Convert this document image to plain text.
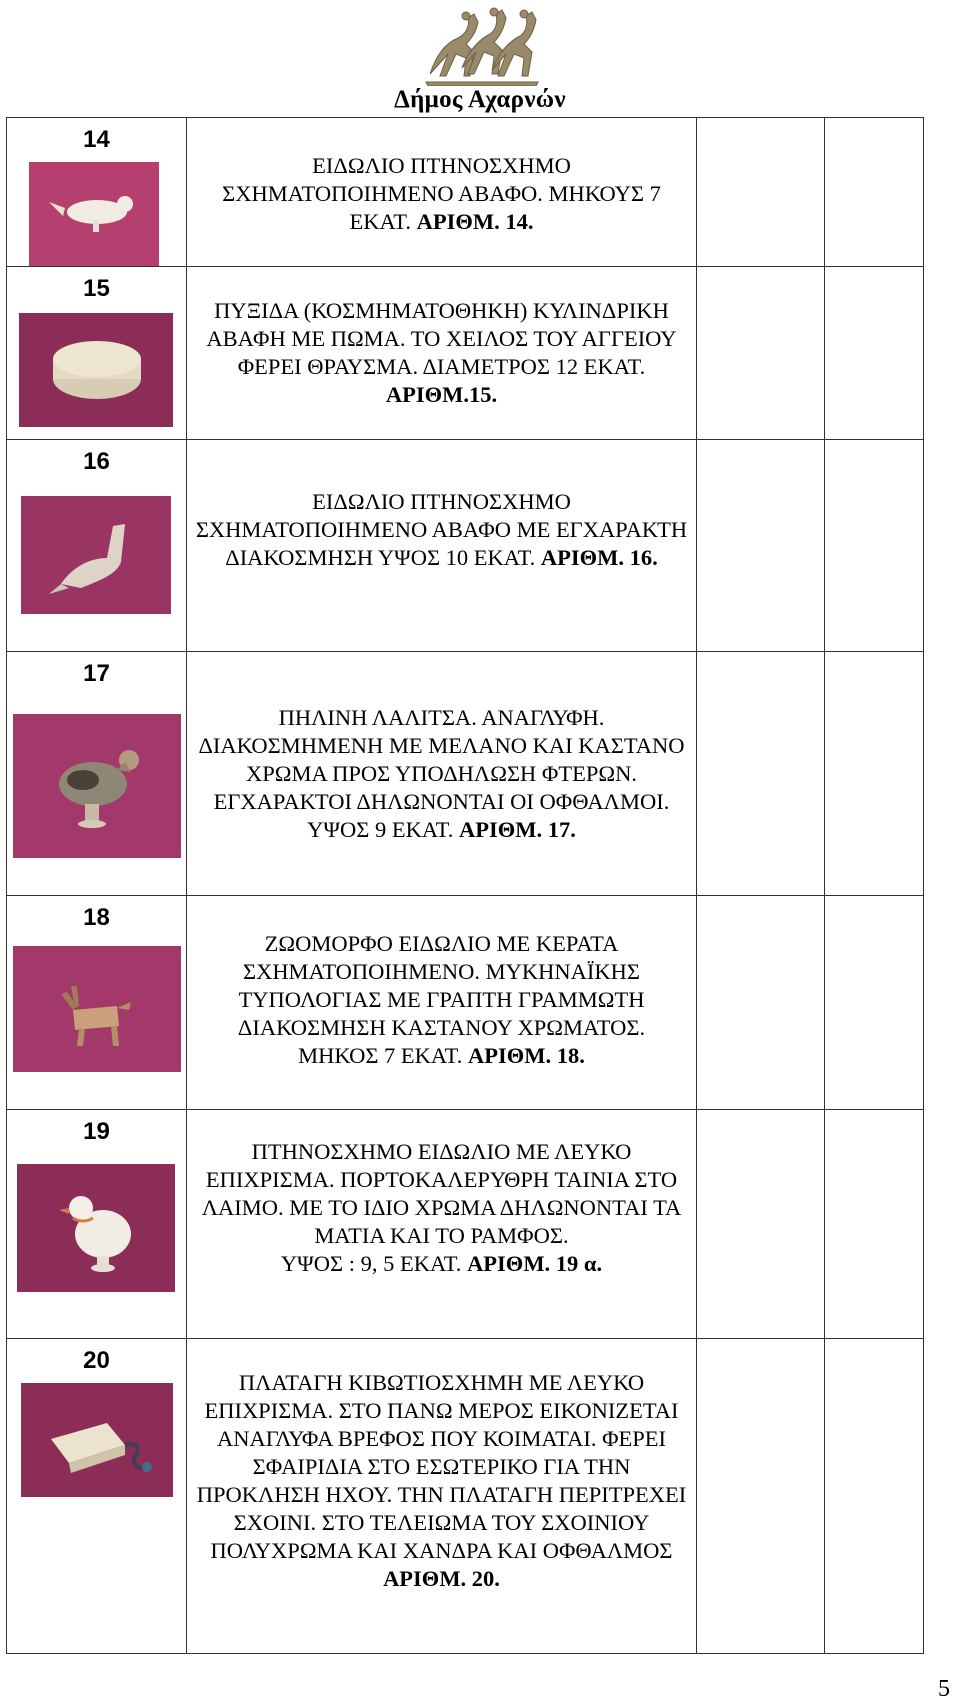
Δήμος Αχαρνών
14	ΕΙΔΩΛΙΟ ΠΤΗΝΟΣΧΗΜΟ ΣΧΗΜΑΤΟΠΟΙΗΜΕΝΟ ΑΒΑΦΟ. ΜΗΚΟΥΣ 7 ΕΚΑΤ. ΑΡΙΘΜ. 14.		

15	ΠΥΞΙΔΑ (ΚΟΣΜΗΜΑΤΟΘΗΚΗ) ΚΥΛΙΝΔΡΙΚΗ ΑΒΑΦΗ ΜΕ ΠΩΜΑ. ΤΟ ΧΕΙΛΟΣ ΤΟΥ ΑΓΓΕΙΟΥ ΦΕΡΕΙ ΘΡΑΥΣΜΑ. ΔΙΑΜΕΤΡΟΣ 12 ΕΚΑΤ. ΑΡΙΘΜ.15.		

16	ΕΙΔΩΛΙΟ ΠΤΗΝΟΣΧΗΜΟ ΣΧΗΜΑΤΟΠΟΙΗΜΕΝΟ ΑΒΑΦΟ ΜΕ ΕΓΧΑΡΑΚΤΗ ΔΙΑΚΟΣΜΗΣΗ ΥΨΟΣ 10 ΕΚΑΤ. ΑΡΙΘΜ. 16.		

17	ΠΗΛΙΝΗ ΛΑΛΙΤΣΑ. ΑΝΑΓΛΥΦΗ. ΔΙΑΚΟΣΜΗΜΕΝΗ ΜΕ ΜΕΛΑΝΟ ΚΑΙ ΚΑΣΤΑΝΟ ΧΡΩΜΑ ΠΡΟΣ ΥΠΟΔΗΛΩΣΗ ΦΤΕΡΩΝ. ΕΓΧΑΡΑΚΤΟΙ ΔΗΛΩΝΟΝΤΑΙ ΟΙ ΟΦΘΑΛΜΟΙ. ΥΨΟΣ 9 ΕΚΑΤ. ΑΡΙΘΜ. 17.		

18	ΖΩΟΜΟΡΦΟ ΕΙΔΩΛΙΟ ΜΕ ΚΕΡΑΤΑ ΣΧΗΜΑΤΟΠΟΙΗΜΕΝΟ. ΜΥΚΗΝΑΪΚΗΣ ΤΥΠΟΛΟΓΙΑΣ ΜΕ ΓΡΑΠΤΗ ΓΡΑΜΜΩΤΗ ΔΙΑΚΟΣΜΗΣΗ ΚΑΣΤΑΝΟΥ ΧΡΩΜΑΤΟΣ. ΜΗΚΟΣ 7 ΕΚΑΤ. ΑΡΙΘΜ. 18.		

19	ΠΤΗΝΟΣΧΗΜΟ ΕΙΔΩΛΙΟ ΜΕ ΛΕΥΚΟ ΕΠΙΧΡΙΣΜΑ. ΠΟΡΤΟΚΑΛΕΡΥΘΡΗ ΤΑΙΝΙΑ ΣΤΟ ΛΑΙΜΟ. ΜΕ ΤΟ ΙΔΙΟ ΧΡΩΜΑ ΔΗΛΩΝΟΝΤΑΙ ΤΑ ΜΑΤΙΑ ΚΑΙ ΤΟ ΡΑΜΦΟΣ.
ΥΨΟΣ : 9, 5 ΕΚΑΤ. ΑΡΙΘΜ. 19 α.		

20	ΠΛΑΤΑΓΗ ΚΙΒΩΤΙΟΣΧΗΜΗ ΜΕ ΛΕΥΚΟ ΕΠΙΧΡΙΣΜΑ. ΣΤΟ ΠΑΝΩ ΜΕΡΟΣ ΕΙΚΟΝΙΖΕΤΑΙ ΑΝΑΓΛΥΦΑ ΒΡΕΦΟΣ ΠΟΥ ΚΟΙΜΑΤΑΙ. ΦΕΡΕΙ ΣΦΑΙΡΙΔΙΑ ΣΤΟ ΕΣΩΤΕΡΙΚΟ ΓΙΑ ΤΗΝ ΠΡΟΚΛΗΣΗ ΗΧΟΥ. ΤΗΝ ΠΛΑΤΑΓΗ ΠΕΡΙΤΡΕΧΕΙ ΣΧΟΙΝΙ. ΣΤΟ ΤΕΛΕΙΩΜΑ ΤΟΥ ΣΧΟΙΝΙΟΥ ΠΟΛΥΧΡΩΜΑ ΚΑΙ ΧΑΝΔΡΑ ΚΑΙ ΟΦΘΑΛΜΟΣ
ΑΡΙΘΜ. 20.		

5
